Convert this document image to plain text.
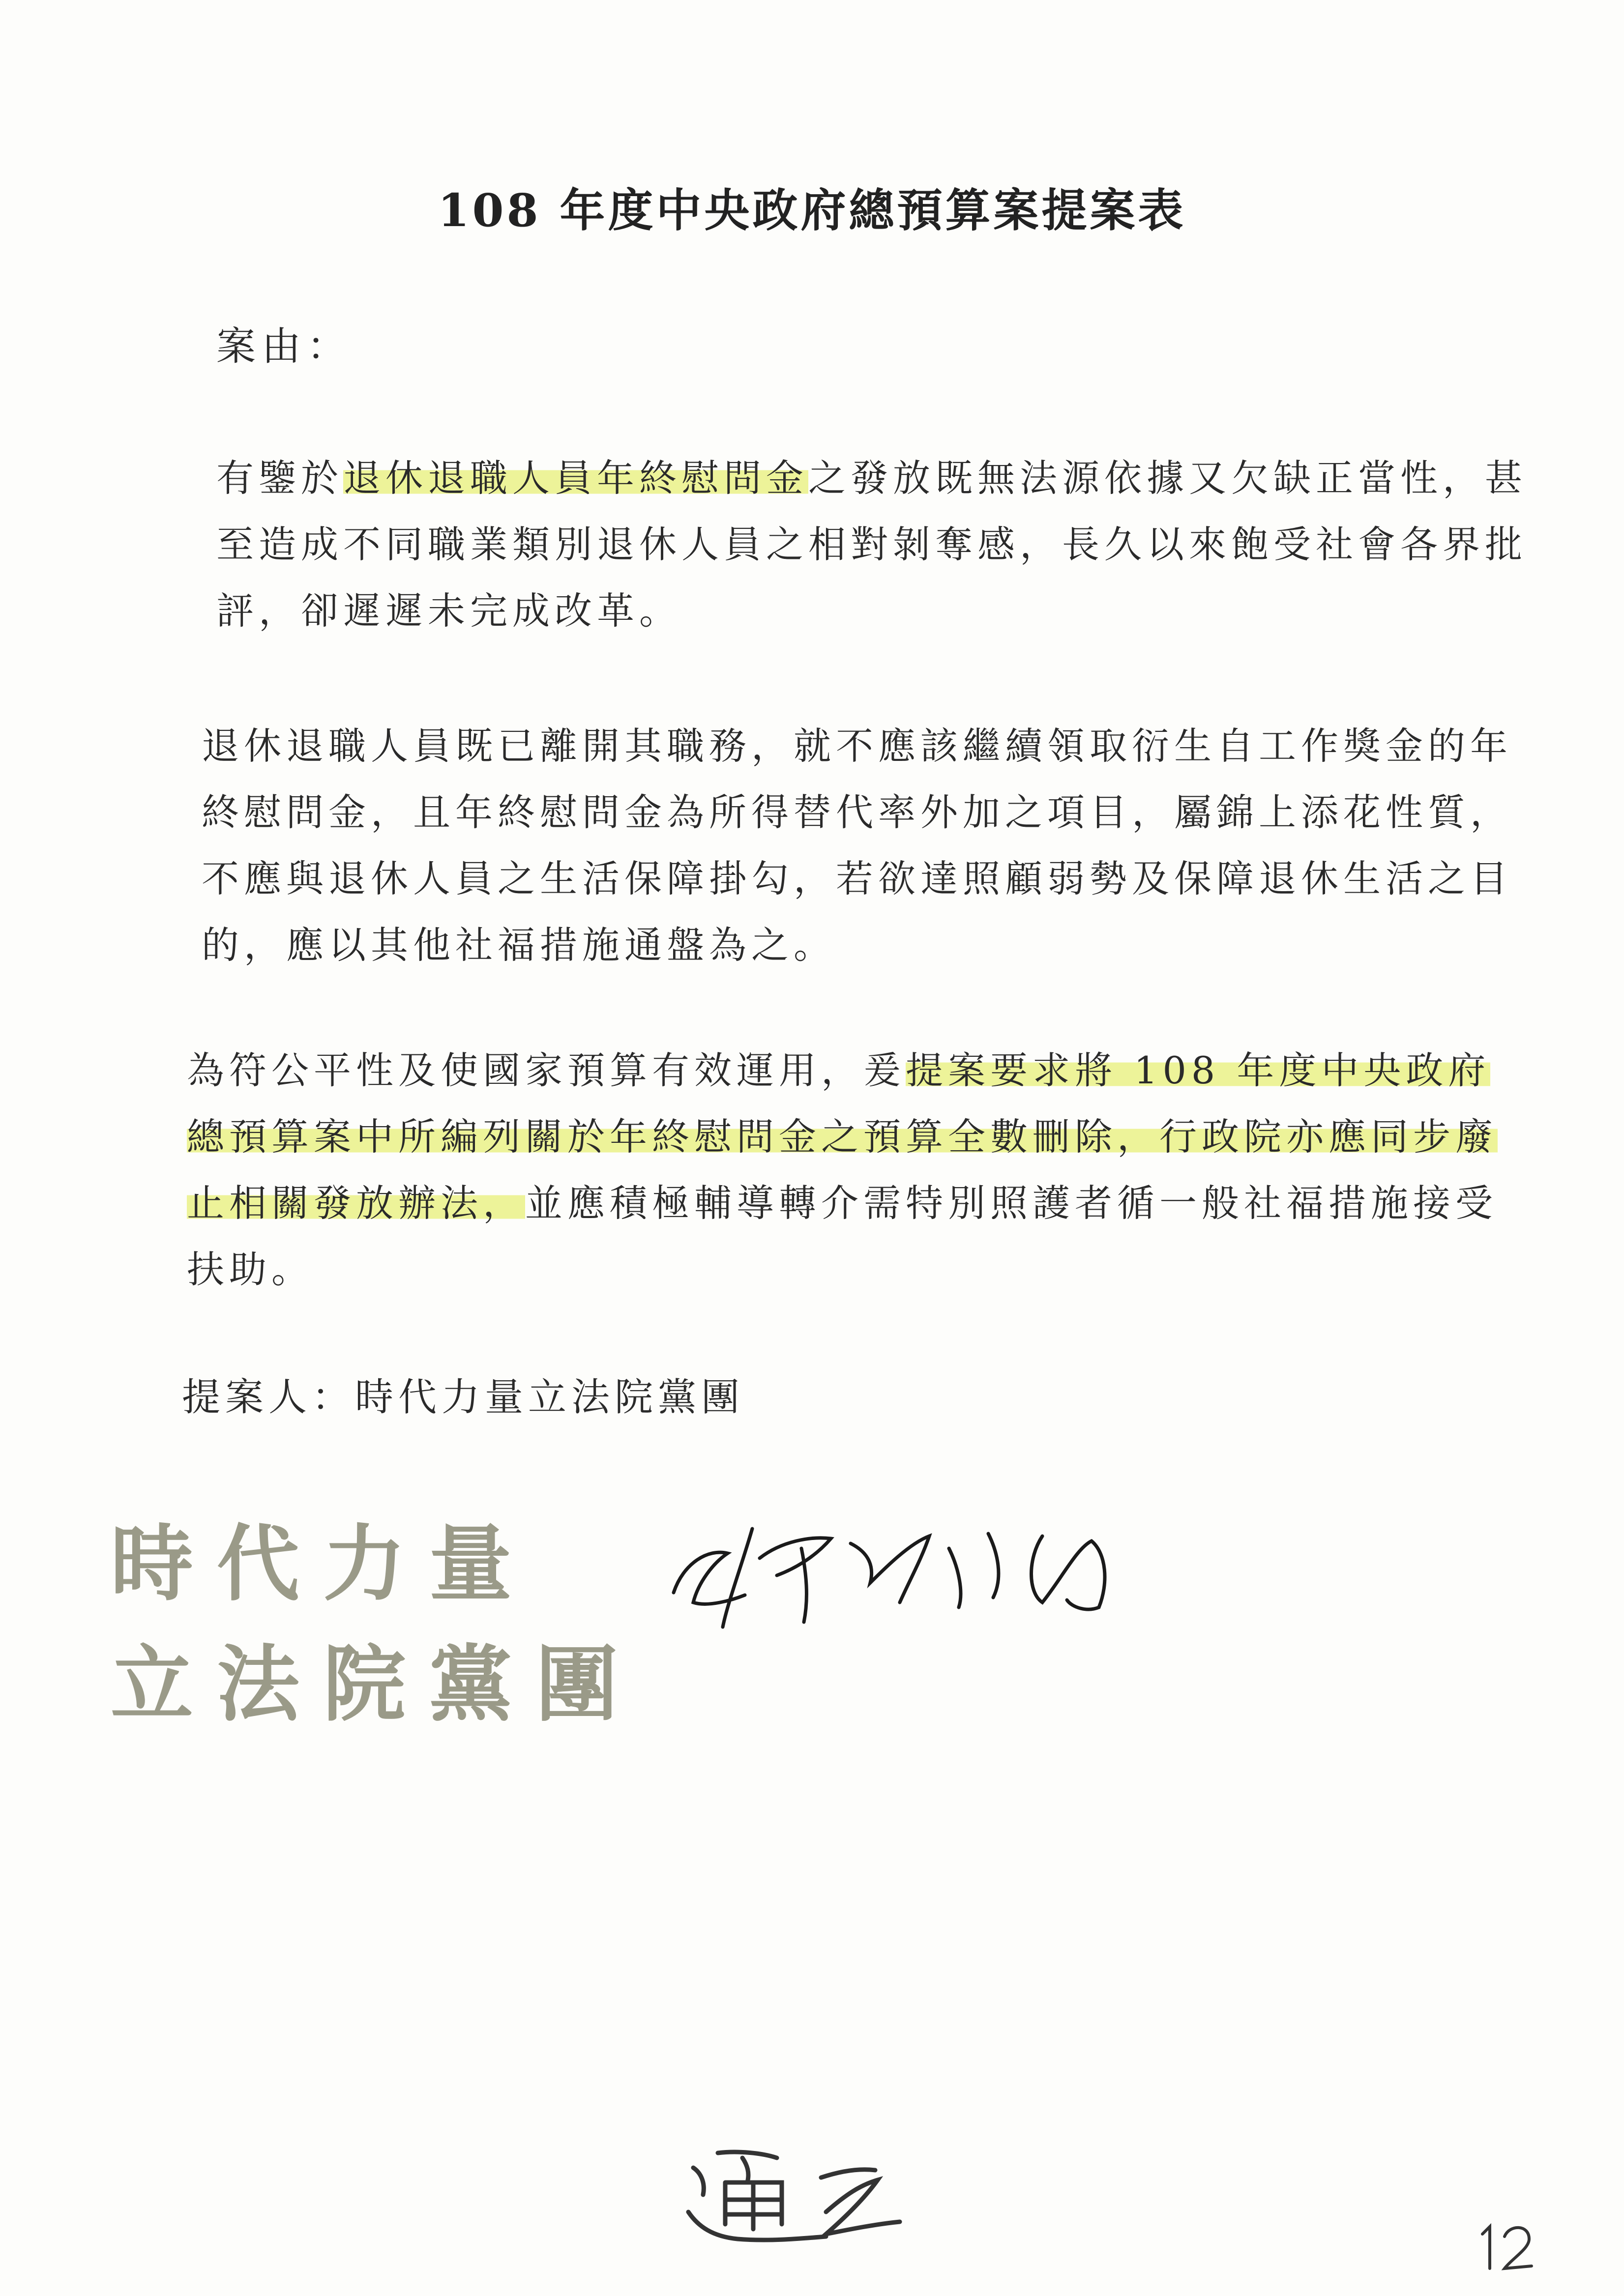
108 年度中央政府總預算案提案表
案由：
有鑒於退休退職人員年終慰問金之發放既無法源依據又欠缺正當性，甚至造成不同職業類別退休人員之相對剝奪感，長久以來飽受社會各界批評，卻遲遲未完成改革。
退休退職人員既已離開其職務，就不應該繼續領取衍生自工作獎金的年終慰問金，且年終慰問金為所得替代率外加之項目，屬錦上添花性質，不應與退休人員之生活保障掛勾，若欲達照顧弱勢及保障退休生活之目的，應以其他社福措施通盤為之。
為符公平性及使國家預算有效運用，爰提案要求將 108 年度中央政府總預算案中所編列關於年終慰問金之預算全數刪除，行政院亦應同步廢止相關發放辦法，並應積極輔導轉介需特別照護者循一般社福措施接受扶助。
提案人：時代力量立法院黨團
時代力量
立法院黨團
